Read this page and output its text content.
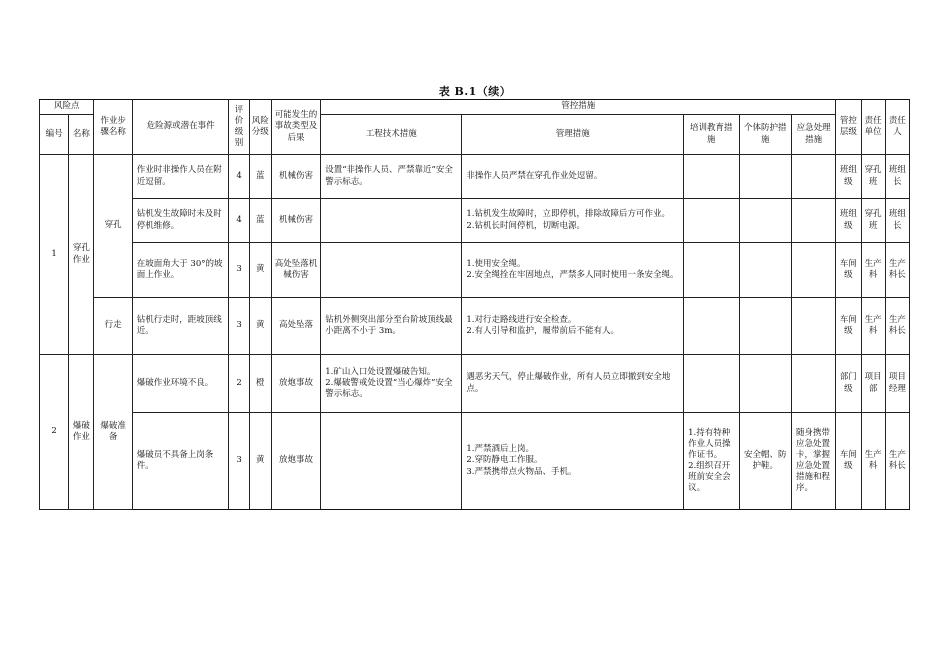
表 B.1（续）
风险点		作业步骤名称	危险源或潜在事件	评价级别	风险分级	可能发生的事故类型及后果	管控措施					管控层级	责任单位	责任人

编号	名称						工程技术措施	管理措施	培训教育措施	个体防护措施	应急处理措施			
1	穿孔作业	穿孔	作业时非操作人员在附近逗留。	4	蓝	机械伤害	设置“非操作人员、严禁靠近”安全警示标志。	非操作人员严禁在穿孔作业处逗留。				班组级	穿孔班	班组长

			钻机发生故障时未及时停机维修。	4	蓝	机械伤害		1.钻机发生故障时，立即停机，排除故障后方可作业。
2.钻机长时间停机，切断电源。				班组级	穿孔班	班组长

			在坡面角大于 30°的坡面上作业。	3	黄	高处坠落机械伤害		1.使用安全绳。
2.安全绳拴在牢固地点，严禁多人同时使用一条安全绳。				车间级	生产科	生产科长

		行走	钻机行走时，距坡顶线近。	3	黄	高处坠落	钻机外侧突出部分至台阶坡顶线最小距离不小于 3m。	1.对行走路线进行安全检查。
2.有人引导和监护，履带前后不能有人。				车间级	生产科	生产科长

2	爆破作业	爆破准备	爆破作业环境不良。	2	橙	放炮事故	1.矿山入口处设置爆破告知。
2.爆破警戒处设置“当心爆炸”安全警示标志。	遇恶劣天气，停止爆破作业，所有人员立即撤到安全地点。				部门级	项目部	项目经理

			爆破员不具备上岗条件。	3	黄	放炮事故		1.严禁酒后上岗。
2.穿防静电工作服。
3.严禁携带点火物品、手机。	1.持有特种作业人员操作证书。
2.组织召开班前安全会议。	安全帽、防护鞋。	随身携带应急处置卡，掌握应急处置措施和程序。	车间级	生产科	生产科长
